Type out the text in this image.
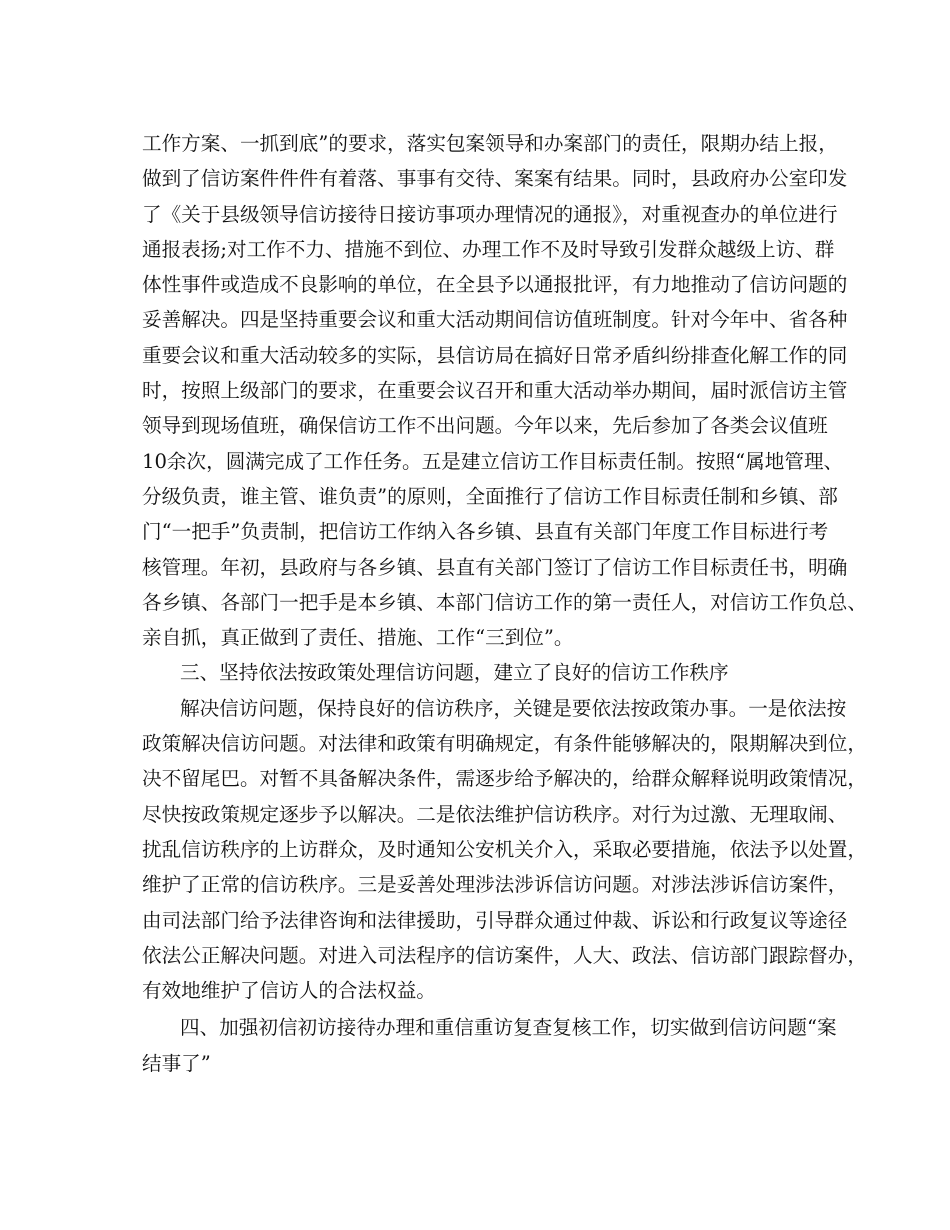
工作方案、一抓到底”的要求，落实包案领导和办案部门的责任，限期办结上报，
做到了信访案件件件有着落、事事有交待、案案有结果。同时，县政府办公室印发
了《关于县级领导信访接待日接访事项办理情况的通报》，对重视查办的单位进行
通报表扬;对工作不力、措施不到位、办理工作不及时导致引发群众越级上访、群
体性事件或造成不良影响的单位，在全县予以通报批评，有力地推动了信访问题的
妥善解决。四是坚持重要会议和重大活动期间信访值班制度。针对今年中、省各种
重要会议和重大活动较多的实际，县信访局在搞好日常矛盾纠纷排查化解工作的同
时，按照上级部门的要求，在重要会议召开和重大活动举办期间，届时派信访主管
领导到现场值班，确保信访工作不出问题。今年以来，先后参加了各类会议值班
10余次，圆满完成了工作任务。五是建立信访工作目标责任制。按照“属地管理、
分级负责，谁主管、谁负责”的原则，全面推行了信访工作目标责任制和乡镇、部
门“一把手”负责制，把信访工作纳入各乡镇、县直有关部门年度工作目标进行考
核管理。年初，县政府与各乡镇、县直有关部门签订了信访工作目标责任书，明确
各乡镇、各部门一把手是本乡镇、本部门信访工作的第一责任人，对信访工作负总、
亲自抓，真正做到了责任、措施、工作“三到位”。
三、坚持依法按政策处理信访问题，建立了良好的信访工作秩序
解决信访问题，保持良好的信访秩序，关键是要依法按政策办事。一是依法按
政策解决信访问题。对法律和政策有明确规定，有条件能够解决的，限期解决到位，
决不留尾巴。对暂不具备解决条件，需逐步给予解决的，给群众解释说明政策情况，
尽快按政策规定逐步予以解决。二是依法维护信访秩序。对行为过激、无理取闹、
扰乱信访秩序的上访群众，及时通知公安机关介入，采取必要措施，依法予以处置，
维护了正常的信访秩序。三是妥善处理涉法涉诉信访问题。对涉法涉诉信访案件，
由司法部门给予法律咨询和法律援助，引导群众通过仲裁、诉讼和行政复议等途径
依法公正解决问题。对进入司法程序的信访案件，人大、政法、信访部门跟踪督办，
有效地维护了信访人的合法权益。
四、加强初信初访接待办理和重信重访复查复核工作，切实做到信访问题“案
结事了”
